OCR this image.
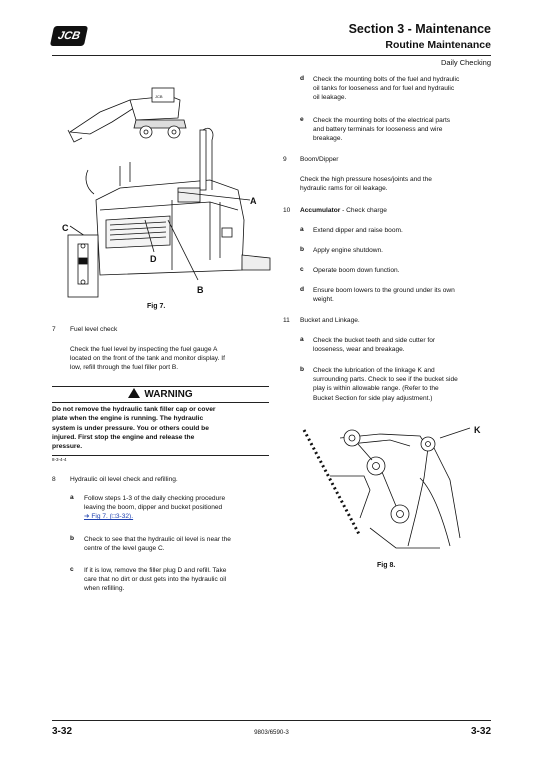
JCB	Section 3 - Maintenance
Routine Maintenance
Daily Checking
JCB
A
B
C
D
Fig 7.
7 Fuel level check
Check the fuel level by inspecting the fuel gauge A
located on the front of the tank and monitor display. If
low, refill through the fuel filler port B.
WARNING
Do not remove the hydraulic tank filler cap or cover
plate when the engine is running. The hydraulic
system is under pressure. You or others could be
injured. First stop the engine and release the
pressure.
8-3-4-4
8 Hydraulic oil level check and refilling.
a Follow steps 1-3 of the daily checking procedure
leaving the boom, dipper and bucket positioned
➔ Fig 7. (□3-32).
b Check to see that the hydraulic oil level is near the
centre of the level gauge C.
c If it is low, remove the filler plug D and refill. Take
care that no dirt or dust gets into the hydraulic oil
when refilling.
d Check the mounting bolts of the fuel and hydraulic
oil tanks for looseness and for fuel and hydraulic
oil leakage.
e Check the mounting bolts of the electrical parts
and battery terminals for looseness and wire
breakage.
9 Boom/Dipper
Check the high pressure hoses/joints and the
hydraulic rams for oil leakage.
10 Accumulator - Check charge
a Extend dipper and raise boom.
b Apply engine shutdown.
c Operate boom down function.
d Ensure boom lowers to the ground under its own
weight.
11 Bucket and Linkage.
a Check the bucket teeth and side cutter for
looseness, wear and breakage.
b Check the lubrication of the linkage K and
surrounding parts. Check to see if the bucket side
play is within allowable range. (Refer to the
Bucket Section for side play adjustment.)
K
Fig 8.
3-32	9803/6590-3	3-32
